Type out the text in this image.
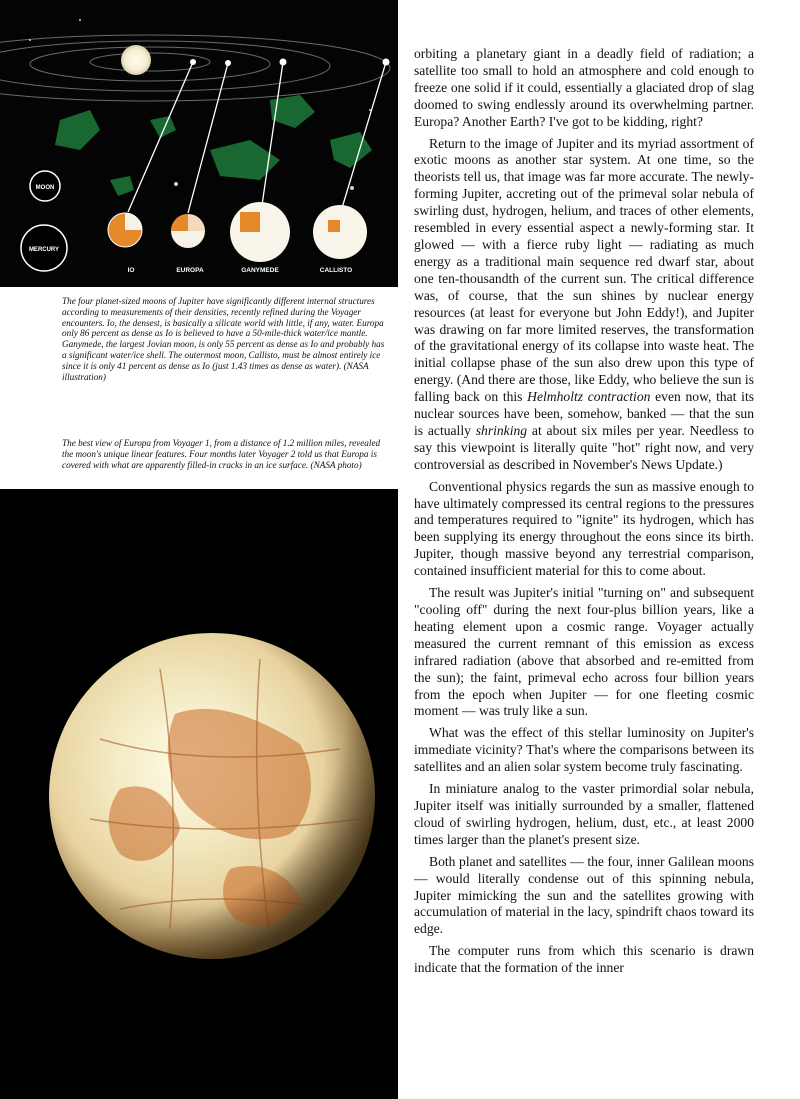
MOON
MERCURY
IO	EUROPA	GANYMEDE	CALLISTO

The four planet-sized moons of Jupiter have significantly different internal structures according to measurements of their densities, recently refined during the Voyager encounters. Io, the densest, is basically a silicate world with little, if any, water. Europa only 86 percent as dense as Io is believed to have a 50-mile-thick water/ice mantle. Ganymede, the largest Jovian moon, is only 55 percent as dense as Io and probably has a significant water/ice shell. The outermost moon, Callisto, must be almost entirely ice since it is only 41 percent as dense as Io (just 1.43 times as dense as water). (NASA illustration)

The best view of Europa from Voyager 1, from a distance of 1.2 million miles, revealed the moon's unique linear features. Four months later Voyager 2 told us that Europa is covered with what are apparently filled-in cracks in an ice surface. (NASA photo)

orbiting a planetary giant in a deadly field of radiation; a satellite too small to hold an atmosphere and cold enough to freeze one solid if it could, essentially a glaciated drop of slag doomed to swing endlessly around its overwhelming partner. Europa? Another Earth? I've got to be kidding, right?

Return to the image of Jupiter and its myriad assortment of exotic moons as another star system. At one time, so the theorists tell us, that image was far more accurate. The newly-forming Jupiter, accreting out of the primeval solar nebula of swirling dust, hydrogen, helium, and traces of other elements, resembled in every essential aspect a newly-forming star. It glowed — with a fierce ruby light — radiating as much energy as a traditional main sequence red dwarf star, about one ten-thousandth of the current sun. The critical difference was, of course, that the sun shines by nuclear energy resources (at least for everyone but John Eddy!), and Jupiter was drawing on far more limited reserves, the transformation of the gravitational energy of its collapse into waste heat. The initial collapse phase of the sun also drew upon this type of energy. (And there are those, like Eddy, who believe the sun is falling back on this Helmholtz contraction even now, that its nuclear sources have been, somehow, banked — that the sun is actually shrinking at about six miles per year. Needless to say this viewpoint is literally quite "hot" right now, and very controversial as described in November's News Update.)

Conventional physics regards the sun as massive enough to have ultimately compressed its central regions to the pressures and temperatures required to "ignite" its hydrogen, which has been supplying its energy throughout the eons since its birth. Jupiter, though massive beyond any terrestrial comparison, contained insufficient material for this to come about.

The result was Jupiter's initial "turning on" and subsequent "cooling off" during the next four-plus billion years, like a heating element upon a cosmic range. Voyager actually measured the current remnant of this emission as excess infrared radiation (above that absorbed and re-emitted from the sun); the faint, primeval echo across four billion years from the epoch when Jupiter — for one fleeting cosmic moment — was truly like a sun.

What was the effect of this stellar luminosity on Jupiter's immediate vicinity? That's where the comparisons between its satellites and an alien solar system become truly fascinating.

In miniature analog to the vaster primordial solar nebula, Jupiter itself was initially surrounded by a smaller, flattened cloud of swirling hydrogen, helium, dust, etc., at least 2000 times larger than the planet's present size.

Both planet and satellites — the four, inner Galilean moons — would literally condense out of this spinning nebula, Jupiter mimicking the sun and the satellites growing with accumulation of material in the lacy, spindrift chaos toward its edge.

The computer runs from which this scenario is drawn indicate that the formation of the inner
